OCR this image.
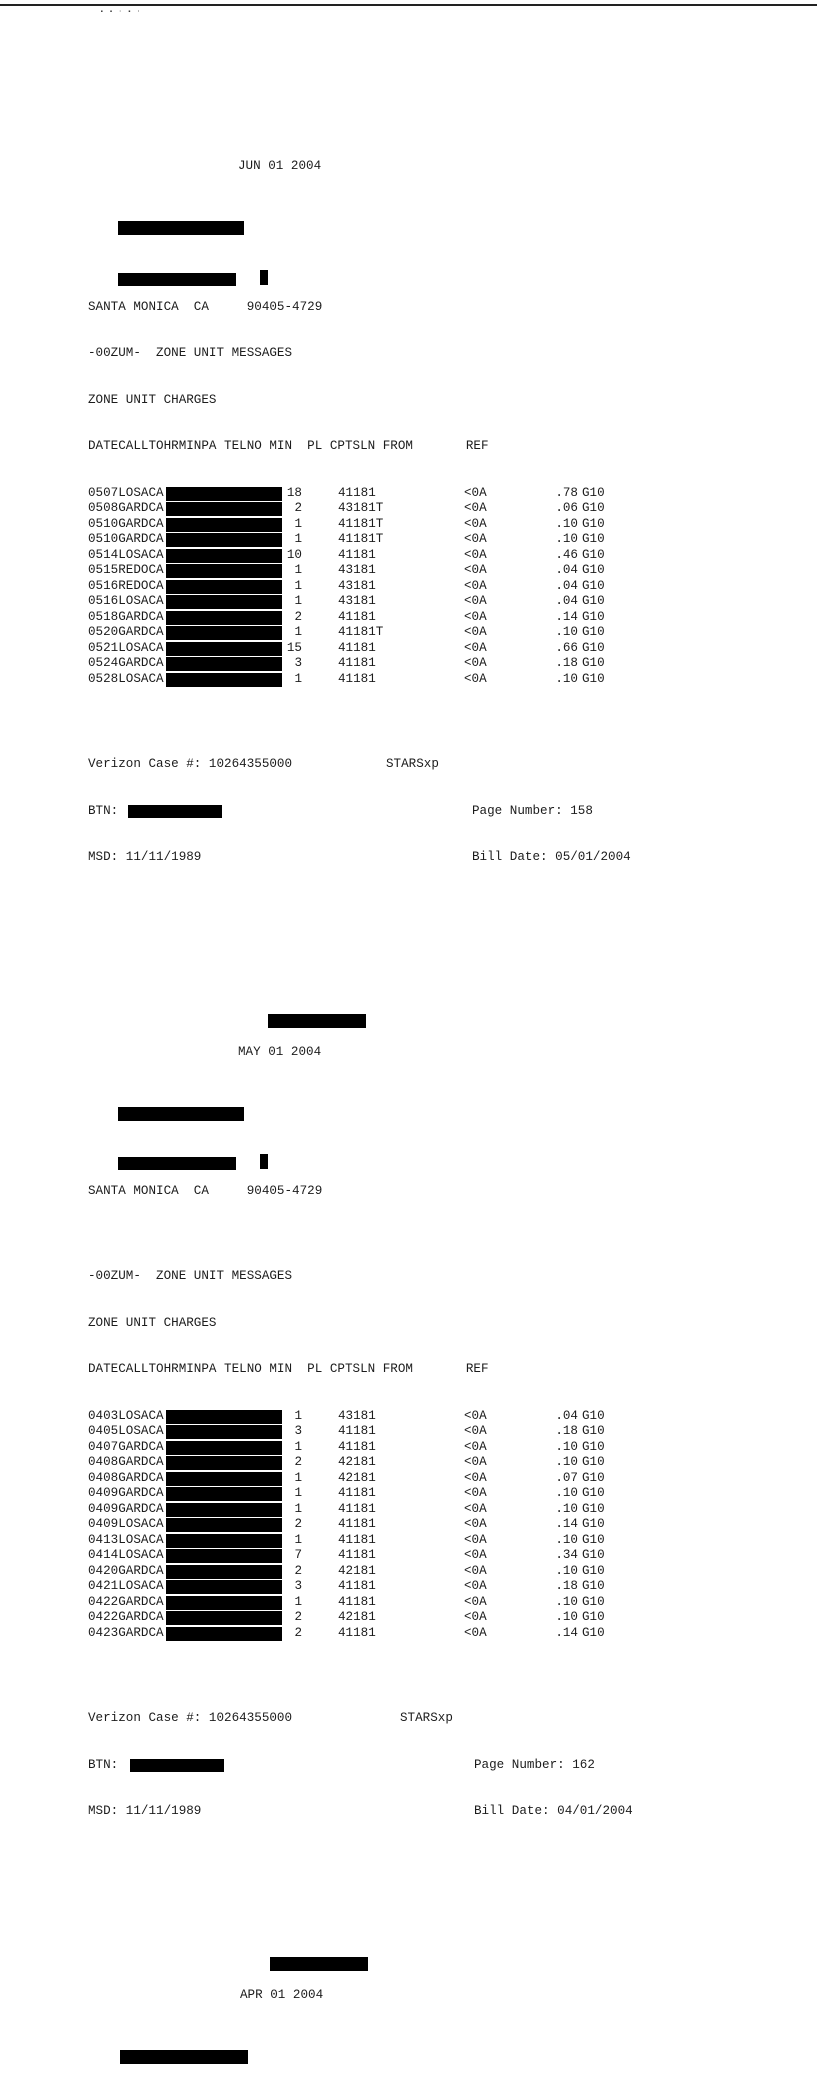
▪ ▪ · ▪ ·

JUN 01 2004

SANTA MONICA  CA     90405-4729

-00ZUM-  ZONE UNIT MESSAGES

ZONE UNIT CHARGES

DATECALLTOHRMINPA TELNO MIN  PL CPTSLN FROM       REF

0507LOSACA	18	41181	<0A	.78 G10
0508GARDCA	2	43181T	<0A	.06 G10
0510GARDCA	1	41181T	<0A	.10 G10
0510GARDCA	1	41181T	<0A	.10 G10
0514LOSACA	10	41181	<0A	.46 G10
0515REDOCA	1	43181	<0A	.04 G10
0516REDOCA	1	43181	<0A	.04 G10
0516LOSACA	1	43181	<0A	.04 G10
0518GARDCA	2	41181	<0A	.14 G10
0520GARDCA	1	41181T	<0A	.10 G10
0521LOSACA	15	41181	<0A	.66 G10
0524GARDCA	3	41181	<0A	.18 G10
0528LOSACA	1	41181	<0A	.10 G10

Verizon Case #: 10264355000

	STARSxp

BTN:

	Page Number: 158

MSD: 11/11/1989

	Bill Date: 05/01/2004

MAY 01 2004

SANTA MONICA  CA     90405-4729

-00ZUM-  ZONE UNIT MESSAGES

ZONE UNIT CHARGES

DATECALLTOHRMINPA TELNO MIN  PL CPTSLN FROM       REF

0403LOSACA	1	43181	<0A	.04 G10
0405LOSACA	3	41181	<0A	.18 G10
0407GARDCA	1	41181	<0A	.10 G10
0408GARDCA	2	42181	<0A	.10 G10
0408GARDCA	1	42181	<0A	.07 G10
0409GARDCA	1	41181	<0A	.10 G10
0409GARDCA	1	41181	<0A	.10 G10
0409LOSACA	2	41181	<0A	.14 G10
0413LOSACA	1	41181	<0A	.10 G10
0414LOSACA	7	41181	<0A	.34 G10
0420GARDCA	2	42181	<0A	.10 G10
0421LOSACA	3	41181	<0A	.18 G10
0422GARDCA	1	41181	<0A	.10 G10
0422GARDCA	2	42181	<0A	.10 G10
0423GARDCA	2	41181	<0A	.14 G10

Verizon Case #: 10264355000

	STARSxp

BTN:

	Page Number: 162

MSD: 11/11/1989

	Bill Date: 04/01/2004

APR 01 2004
